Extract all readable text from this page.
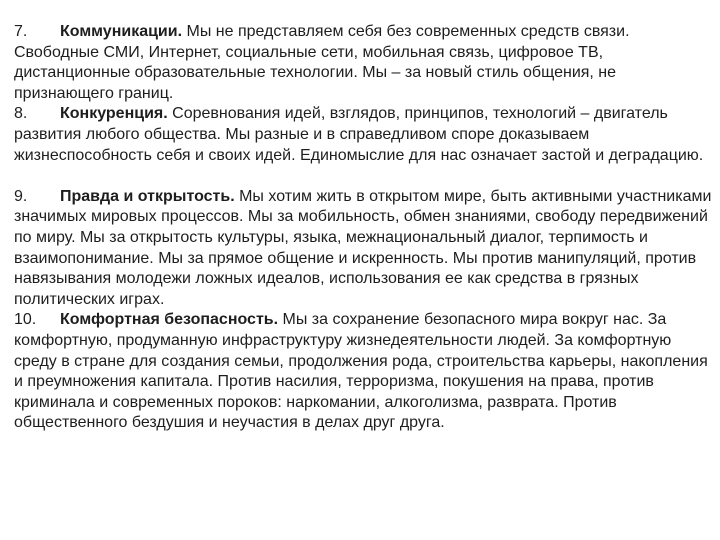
7. Коммуникации. Мы не представляем себя без современных средств связи. Свободные СМИ, Интернет, социальные сети, мобильная связь, цифровое ТВ, дистанционные образовательные технологии. Мы – за новый стиль общения, не признающего границ.

8. Конкуренция. Соревнования идей, взглядов, принципов, технологий – двигатель развития любого общества. Мы разные и в справедливом споре доказываем жизнеспособность себя и своих идей. Единомыслие для нас означает застой и деградацию.

9. Правда и открытость. Мы хотим жить в открытом мире, быть активными участниками значимых мировых процессов. Мы за мобильность, обмен знаниями, свободу передвижений по миру. Мы за открытость культуры, языка, межнациональный диалог, терпимость и взаимопонимание. Мы за прямое общение и искренность. Мы против манипуляций, против навязывания молодежи ложных идеалов, использования ее как средства в грязных политических играх.

10. Комфортная безопасность. Мы за сохранение безопасного мира вокруг нас. За комфортную, продуманную инфраструктуру жизнедеятельности людей. За комфортную среду в стране для создания семьи, продолжения рода, строительства карьеры, накопления и преумножения капитала. Против насилия, терроризма, покушения на права, против криминала и современных пороков: наркомании, алкоголизма, разврата. Против общественного бездушия и неучастия в делах друг друга.
